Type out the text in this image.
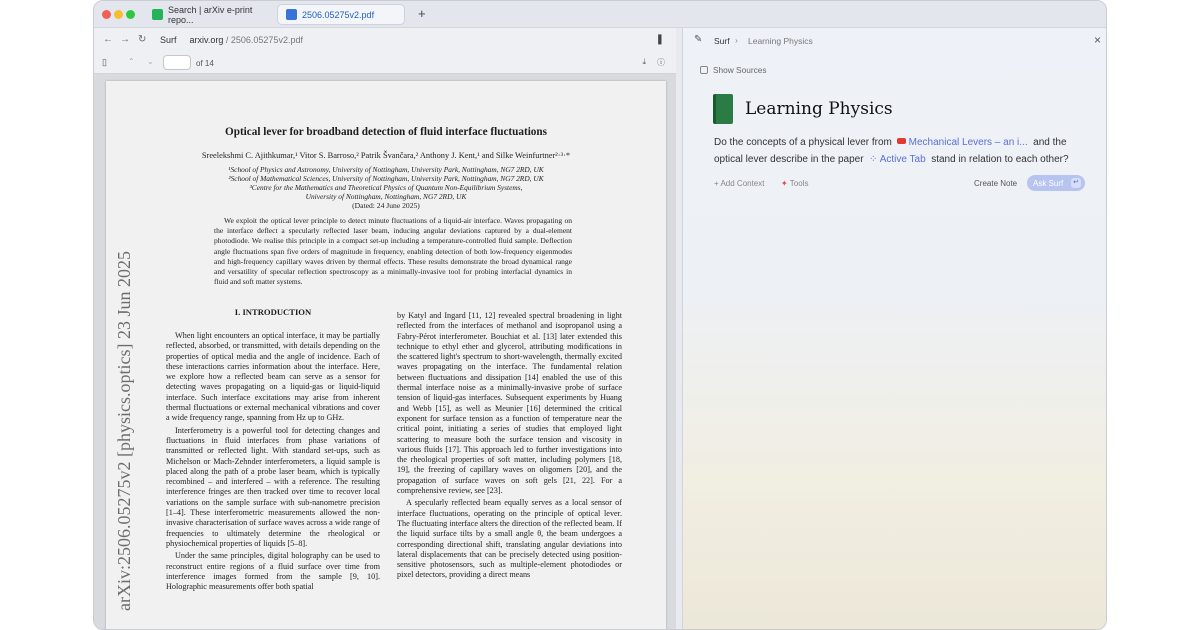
Search | arXiv e-print repo...	2506.05275v2.pdf	+
← → ↻ Surf arxiv.org / 2506.05275v2.pdf	❚
▯	⌃ ⌄	of 14	⤓ ⓘ
arXiv:2506.05275v2 [physics.optics] 23 Jun 2025
Optical lever for broadband detection of fluid interface fluctuations
Sreelekshmi C. Ajithkumar,¹ Vitor S. Barroso,² Patrik Švančara,² Anthony J. Kent,¹ and Silke Weinfurtner²·³·*
¹School of Physics and Astronomy, University of Nottingham, University Park, Nottingham, NG7 2RD, UK
²School of Mathematical Sciences, University of Nottingham, University Park, Nottingham, NG7 2RD, UK
³Centre for the Mathematics and Theoretical Physics of Quantum Non-Equilibrium Systems,
University of Nottingham, Nottingham, NG7 2RD, UK
(Dated: 24 June 2025)
We exploit the optical lever principle to detect minute fluctuations of a liquid-air interface. Waves propagating on the interface deflect a specularly reflected laser beam, inducing angular deviations captured by a dual-element photodiode. We realise this principle in a compact set-up including a temperature-controlled fluid sample. Deflection angle fluctuations span five orders of magnitude in frequency, enabling detection of both low-frequency eigenmodes and high-frequency capillary waves driven by thermal effects. These results demonstrate the broad dynamical range and versatility of specular reflection spectroscopy as a minimally-invasive tool for probing interfacial dynamics in fluid and soft matter systems.
I. INTRODUCTION

When light encounters an optical interface, it may be partially reflected, absorbed, or transmitted, with details depending on the properties of optical media and the angle of incidence. Each of these interactions carries information about the interface. Here, we explore how a reflected beam can serve as a sensor for detecting waves propagating on a liquid-gas or liquid-liquid interface. Such interface excitations may arise from inherent thermal fluctuations or external mechanical vibrations and cover a wide frequency range, spanning from Hz up to GHz.

Interferometry is a powerful tool for detecting changes and fluctuations in fluid interfaces from phase variations of transmitted or reflected light. With standard set-ups, such as Michelson or Mach-Zehnder interferometers, a liquid sample is placed along the path of a probe laser beam, which is typically recombined – and interfered – with a reference. The resulting interference fringes are then tracked over time to recover local variations on the sample surface with sub-nanometre precision [1–4]. These interferometric measurements allowed the non-invasive characterisation of surface waves across a wide range of frequencies to ultimately determine the rheological or physiochemical properties of liquids [5–8].

Under the same principles, digital holography can be used to reconstruct entire regions of a fluid surface over time from interference images formed from the sample [9, 10]. Holographic measurements offer both spatial

by Katyl and Ingard [11, 12] revealed spectral broadening in light reflected from the interfaces of methanol and isopropanol using a Fabry-Pérot interferometer. Bouchiat et al. [13] later extended this technique to ethyl ether and glycerol, attributing modifications in the scattered light's spectrum to short-wavelength, thermally excited waves propagating on the interface. The fundamental relation between fluctuations and dissipation [14] enabled the use of this thermal interface noise as a minimally-invasive probe of surface tension of liquid-gas interfaces. Subsequent experiments by Huang and Webb [15], as well as Meunier [16] determined the critical exponent for surface tension as a function of temperature near the critical point, initiating a series of studies that employed light scattering to measure both the surface tension and viscosity in various fluids [17]. This approach led to further investigations into the rheological properties of soft matter, including polymers [18, 19], the freezing of capillary waves on oligomers [20], and the propagation of surface waves on soft gels [21, 22]. For a comprehensive review, see [23].

A specularly reflected beam equally serves as a local sensor of interface fluctuations, operating on the principle of optical lever. The fluctuating interface alters the direction of the reflected beam. If the liquid surface tilts by a small angle θ, the beam undergoes a corresponding directional shift, translating angular deviations into lateral displacements that can be precisely detected using position-sensitive photosensors, such as multiple-element photodiodes or pixel detectors, providing a direct means

✎ Surf › Learning Physics	×
Show Sources
Learning Physics
Do the concepts of a physical lever from Mechanical Levers – an i... and the optical lever describe in the paper ⁘ Active Tab stand in relation to each other?
+ Add Context ✦ Tools	Create Note	Ask Surf ↵
